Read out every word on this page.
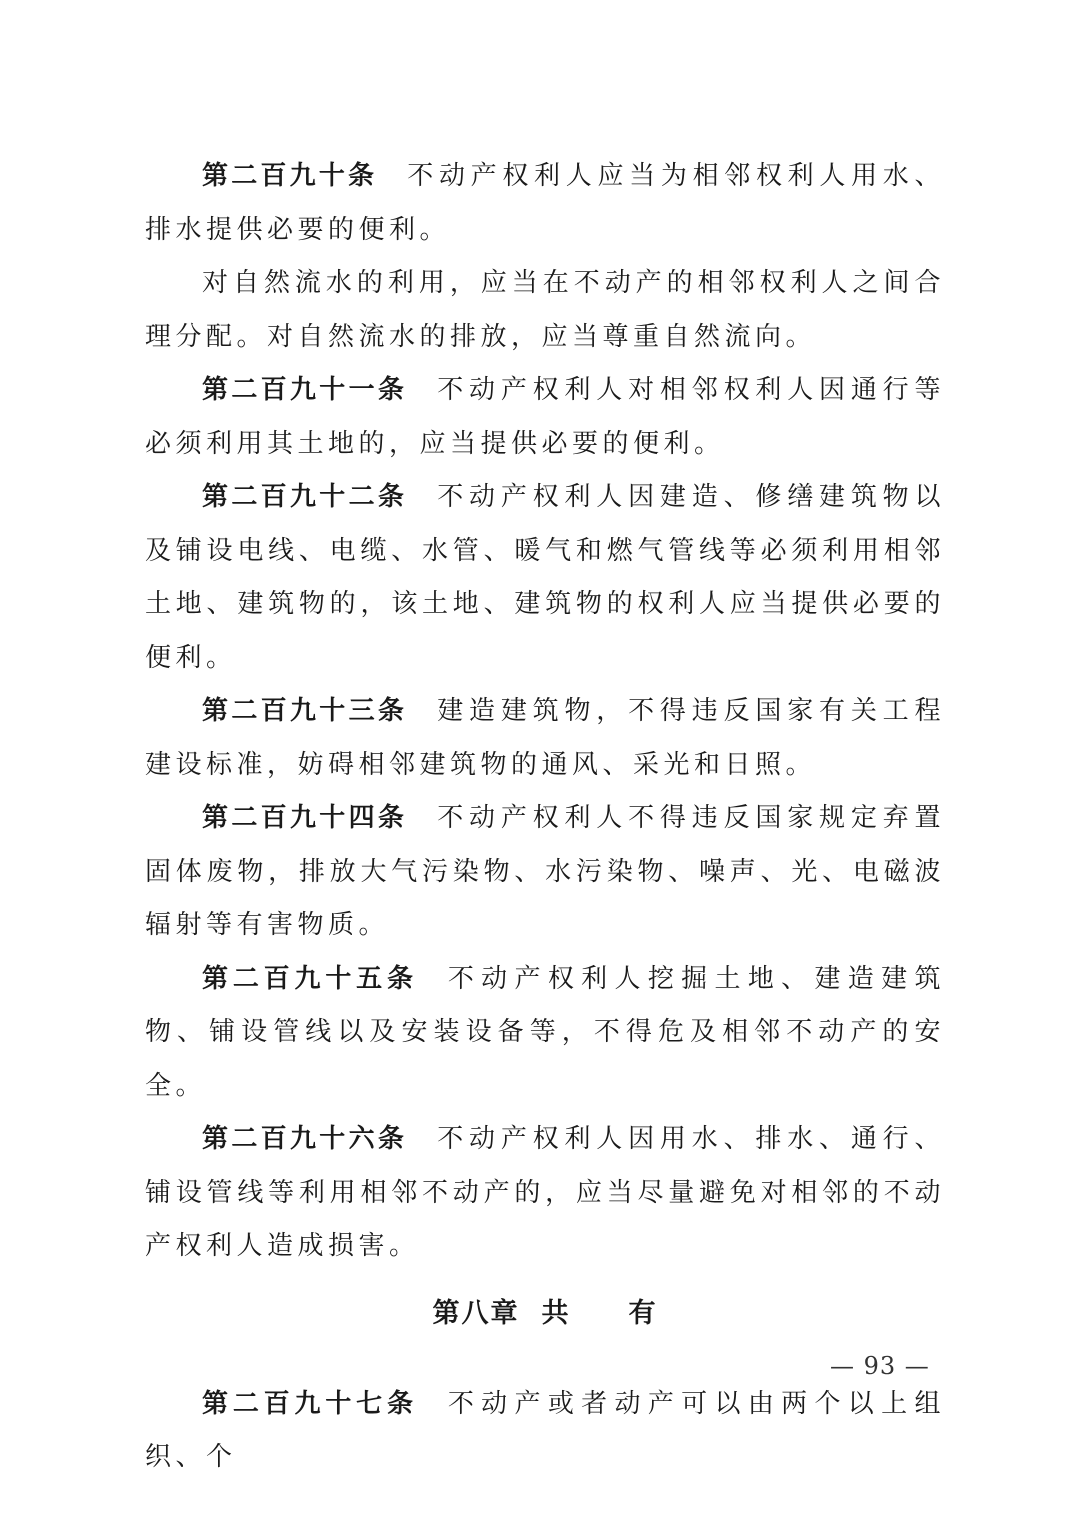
第二百九十条 不动产权利人应当为相邻权利人用水、排水提供必要的便利。

对自然流水的利用，应当在不动产的相邻权利人之间合理分配。对自然流水的排放，应当尊重自然流向。

第二百九十一条 不动产权利人对相邻权利人因通行等必须利用其土地的，应当提供必要的便利。

第二百九十二条 不动产权利人因建造、修缮建筑物以及铺设电线、电缆、水管、暖气和燃气管线等必须利用相邻土地、建筑物的，该土地、建筑物的权利人应当提供必要的便利。

第二百九十三条 建造建筑物，不得违反国家有关工程建设标准，妨碍相邻建筑物的通风、采光和日照。

第二百九十四条 不动产权利人不得违反国家规定弃置固体废物，排放大气污染物、水污染物、噪声、光、电磁波辐射等有害物质。

第二百九十五条 不动产权利人挖掘土地、建造建筑物、铺设管线以及安装设备等，不得危及相邻不动产的安全。

第二百九十六条 不动产权利人因用水、排水、通行、铺设管线等利用相邻不动产的，应当尽量避免对相邻的不动产权利人造成损害。

第八章 共 有

第二百九十七条 不动产或者动产可以由两个以上组织、个

— 93 —
